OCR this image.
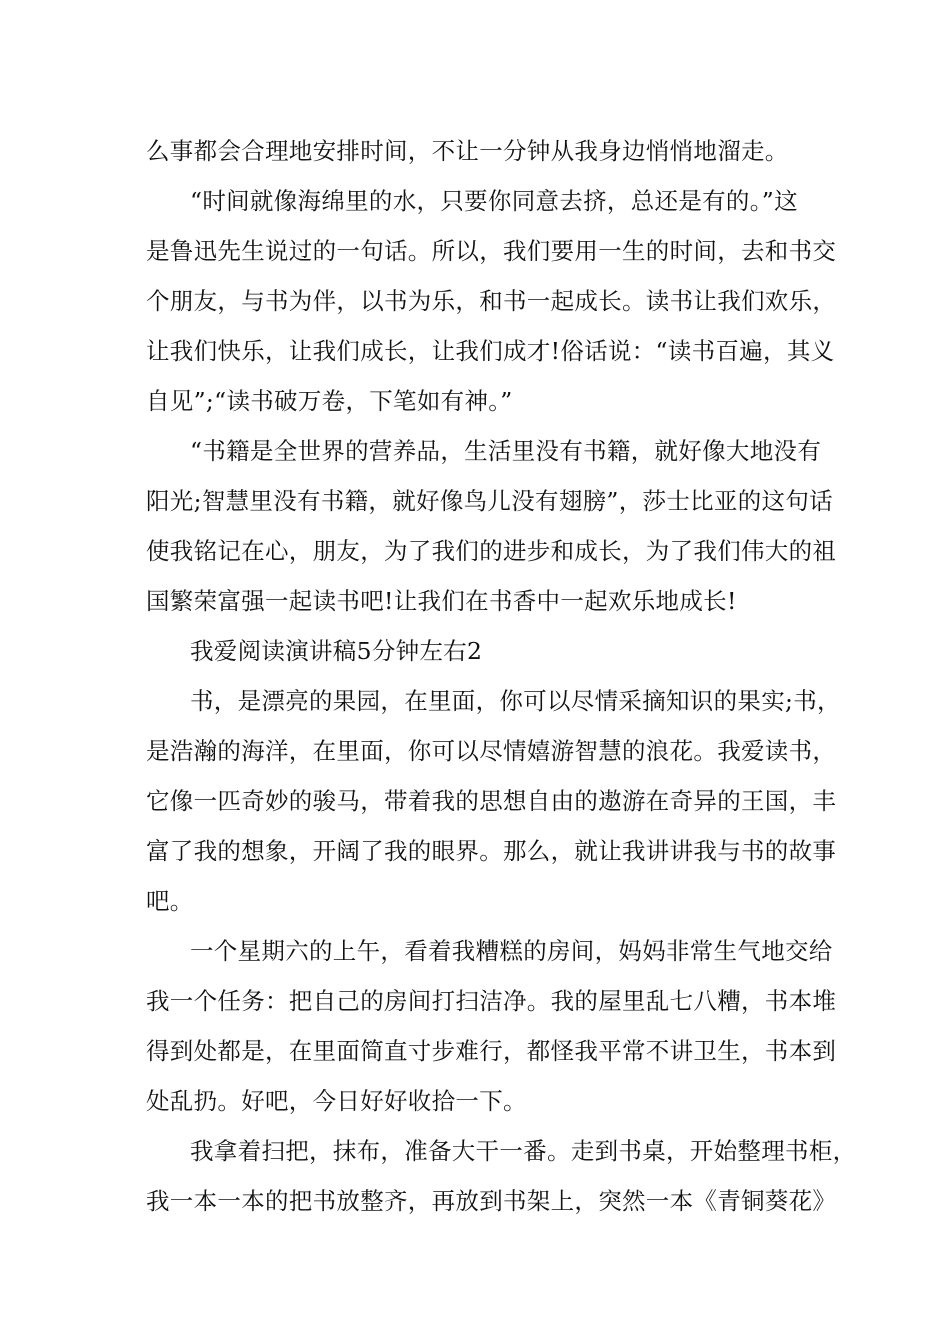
么事都会合理地安排时间，不让一分钟从我身边悄悄地溜走。
“时间就像海绵里的水，只要你同意去挤，总还是有的。”这
是鲁迅先生说过的一句话。所以，我们要用一生的时间，去和书交
个朋友，与书为伴，以书为乐，和书一起成长。读书让我们欢乐，
让我们快乐，让我们成长，让我们成才!俗话说：“读书百遍，其义
自见”;“读书破万卷，下笔如有神。”
“书籍是全世界的营养品，生活里没有书籍，就好像大地没有
阳光;智慧里没有书籍，就好像鸟儿没有翅膀”，莎士比亚的这句话
使我铭记在心，朋友，为了我们的进步和成长，为了我们伟大的祖
国繁荣富强一起读书吧!让我们在书香中一起欢乐地成长!
我爱阅读演讲稿5分钟左右2
书，是漂亮的果园，在里面，你可以尽情采摘知识的果实;书，
是浩瀚的海洋，在里面，你可以尽情嬉游智慧的浪花。我爱读书，
它像一匹奇妙的骏马，带着我的思想自由的遨游在奇异的王国，丰
富了我的想象，开阔了我的眼界。那么，就让我讲讲我与书的故事
吧。
一个星期六的上午，看着我糟糕的房间，妈妈非常生气地交给
我一个任务：把自己的房间打扫洁净。我的屋里乱七八糟，书本堆
得到处都是，在里面简直寸步难行，都怪我平常不讲卫生，书本到
处乱扔。好吧，今日好好收拾一下。
我拿着扫把，抹布，准备大干一番。走到书桌，开始整理书柜，
我一本一本的把书放整齐，再放到书架上，突然一本《青铜葵花》
